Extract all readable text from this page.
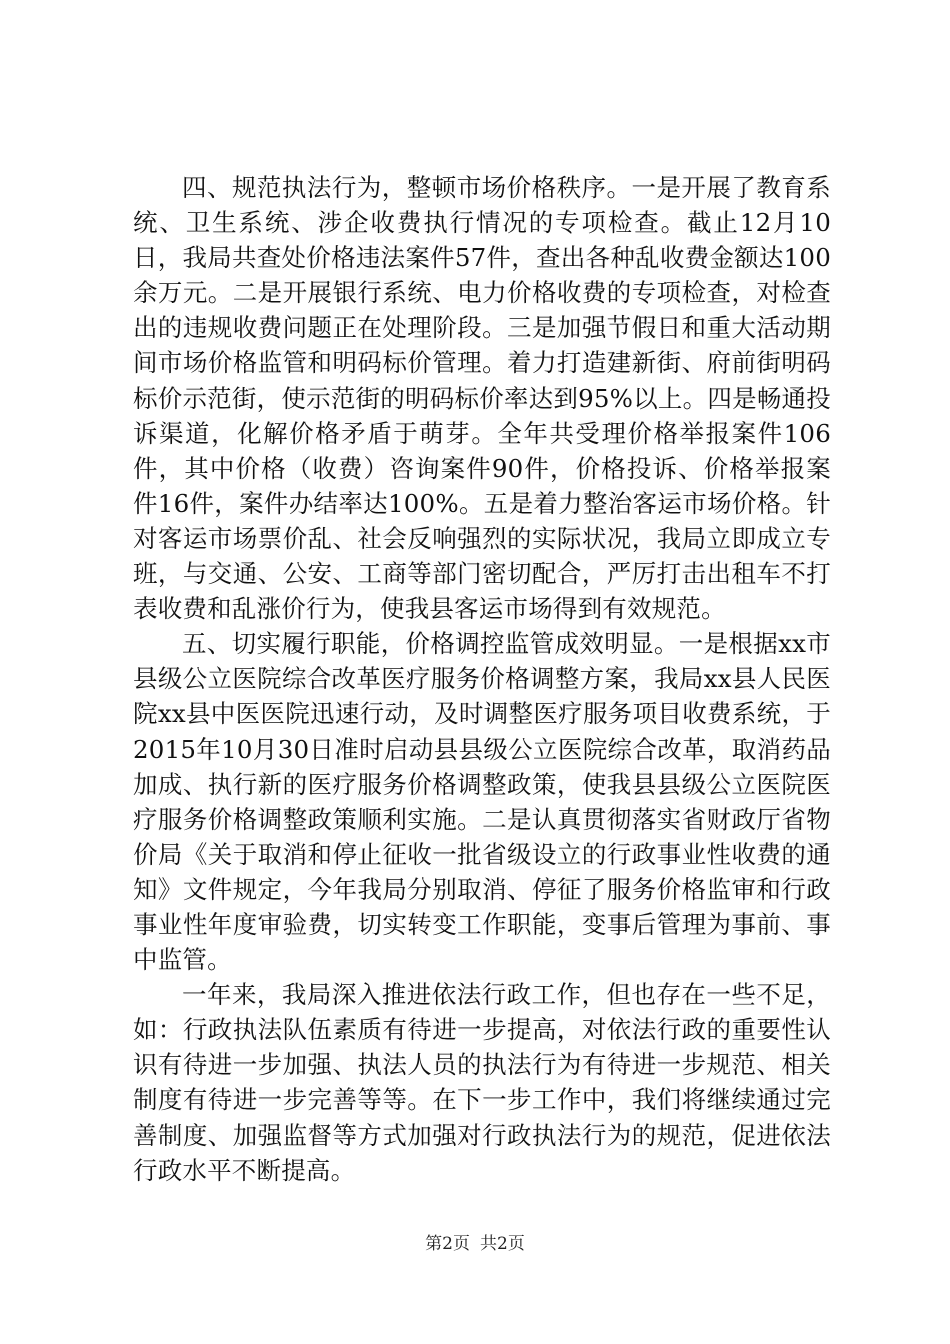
四、规范执法行为，整顿市场价格秩序。一是开展了教育系统、卫生系统、涉企收费执行情况的专项检查。截止12月10日，我局共查处价格违法案件57件，查出各种乱收费金额达100余万元。二是开展银行系统、电力价格收费的专项检查，对检查出的违规收费问题正在处理阶段。三是加强节假日和重大活动期间市场价格监管和明码标价管理。着力打造建新街、府前街明码标价示范街，使示范街的明码标价率达到95%以上。四是畅通投诉渠道，化解价格矛盾于萌芽。全年共受理价格举报案件106件，其中价格（收费）咨询案件90件，价格投诉、价格举报案件16件，案件办结率达100%。五是着力整治客运市场价格。针对客运市场票价乱、社会反响强烈的实际状况，我局立即成立专班，与交通、公安、工商等部门密切配合，严厉打击出租车不打表收费和乱涨价行为，使我县客运市场得到有效规范。

五、切实履行职能，价格调控监管成效明显。一是根据xx市县级公立医院综合改革医疗服务价格调整方案，我局xx县人民医院xx县中医医院迅速行动，及时调整医疗服务项目收费系统，于2015年10月30日准时启动县县级公立医院综合改革，取消药品加成、执行新的医疗服务价格调整政策，使我县县级公立医院医疗服务价格调整政策顺利实施。二是认真贯彻落实省财政厅省物价局《关于取消和停止征收一批省级设立的行政事业性收费的通知》文件规定，今年我局分别取消、停征了服务价格监审和行政事业性年度审验费，切实转变工作职能，变事后管理为事前、事中监管。

一年来，我局深入推进依法行政工作，但也存在一些不足，如：行政执法队伍素质有待进一步提高，对依法行政的重要性认识有待进一步加强、执法人员的执法行为有待进一步规范、相关制度有待进一步完善等等。在下一步工作中，我们将继续通过完善制度、加强监督等方式加强对行政执法行为的规范，促进依法行政水平不断提高。

第2页 共2页
